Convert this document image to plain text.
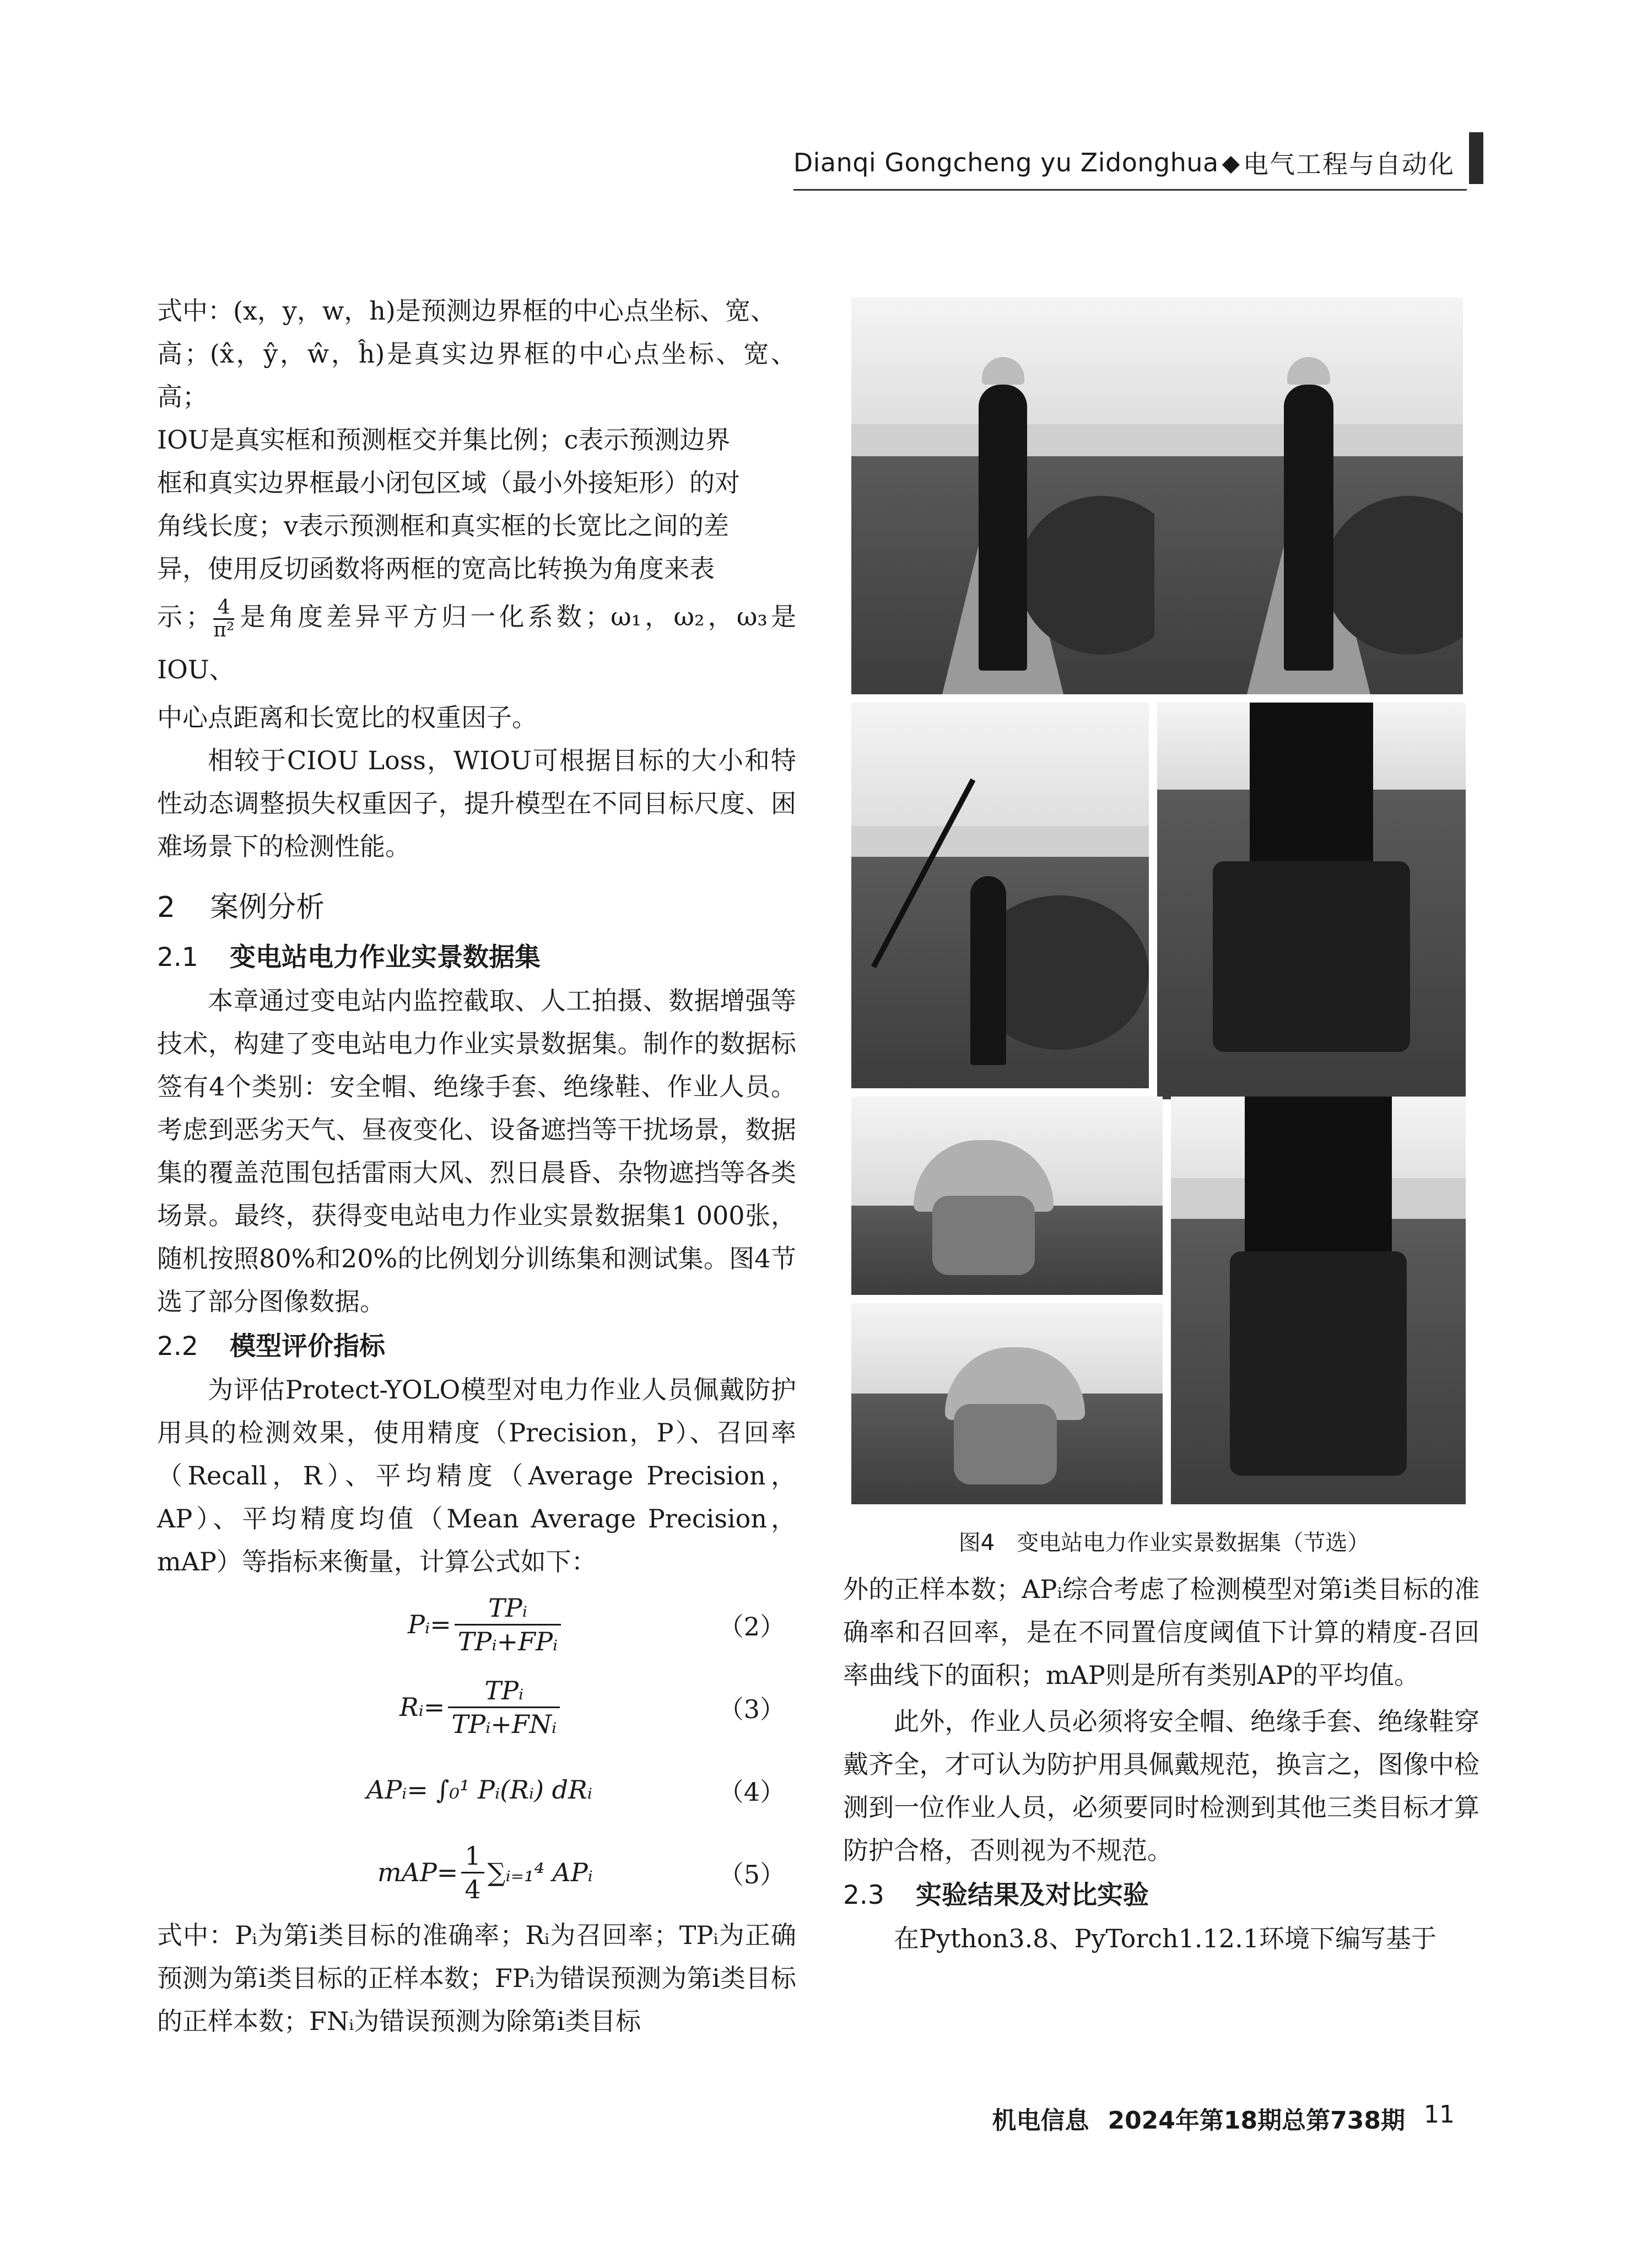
Dianqi Gongcheng yu Zidonghua ◆ 电气工程与自动化

式中：(x，y，w，h)是预测边界框的中心点坐标、宽、

高；(x̂，ŷ，ŵ，ĥ)是真实边界框的中心点坐标、宽、高；

IOU是真实框和预测框交并集比例；c表示预测边界

框和真实边界框最小闭包区域（最小外接矩形）的对

角线长度；v表示预测框和真实框的长宽比之间的差

异，使用反切函数将两框的宽高比转换为角度来表

示； $\frac{4}{\text{π²}}$ 是角度差异平方归一化系数；ω₁，ω₂，ω₃是IOU、

中心点距离和长宽比的权重因子。

相较于CIOU Loss，WIOU可根据目标的大小和特性动态调整损失权重因子，提升模型在不同目标尺度、困难场景下的检测性能。

2 案例分析
2.1 变电站电力作业实景数据集

本章通过变电站内监控截取、人工拍摄、数据增强等技术，构建了变电站电力作业实景数据集。制作的数据标签有4个类别：安全帽、绝缘手套、绝缘鞋、作业人员。考虑到恶劣天气、昼夜变化、设备遮挡等干扰场景，数据集的覆盖范围包括雷雨大风、烈日晨昏、杂物遮挡等各类场景。最终，获得变电站电力作业实景数据集1 000张，随机按照80%和20%的比例划分训练集和测试集。图4节选了部分图像数据。

2.2 模型评价指标

为评估Protect-YOLO模型对电力作业人员佩戴防护用具的检测效果，使用精度（Precision，P）、召回率（Recall，R）、平均精度（Average Precision，AP）、平均精度均值（Mean Average Precision，mAP）等指标来衡量，计算公式如下：

Pᵢ= $\frac{\text{TPᵢ}}{\text{TPᵢ+FPᵢ}}$	（2）
Rᵢ= $\frac{\text{TPᵢ}}{\text{TPᵢ+FNᵢ}}$	（3）
APᵢ= ∫₀¹ Pᵢ(Rᵢ) dRᵢ	（4）
$mAP= \frac{1}{4}$ ∑ᵢ₌₁⁴ APᵢ	（5）

式中：Pᵢ为第i类目标的准确率；Rᵢ为召回率；TPᵢ为正确预测为第i类目标的正样本数；FPᵢ为错误预测为第i类目标的正样本数；FNᵢ为错误预测为除第i类目标

图4 变电站电力作业实景数据集（节选）

外的正样本数；APᵢ综合考虑了检测模型对第i类目标的准确率和召回率，是在不同置信度阈值下计算的精度-召回率曲线下的面积；mAP则是所有类别AP的平均值。

此外，作业人员必须将安全帽、绝缘手套、绝缘鞋穿戴齐全，才可认为防护用具佩戴规范，换言之，图像中检测到一位作业人员，必须要同时检测到其他三类目标才算防护合格，否则视为不规范。

2.3 实验结果及对比实验

在Python3.8、PyTorch1.12.1环境下编写基于

机电信息 2024年第18期总第738期 11
